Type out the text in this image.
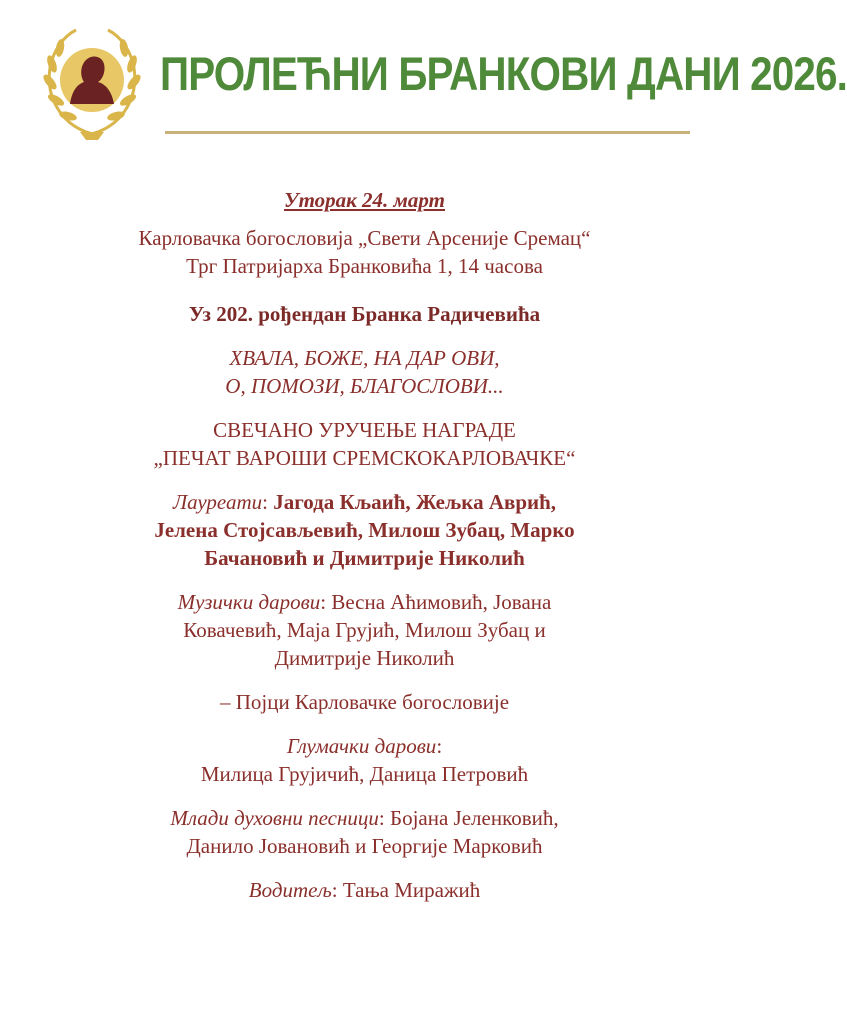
ПРОЛЕЋНИ БРАНКОВИ ДАНИ 2026.

Уторак 24. март

Карловачка богословија „Свети Арсеније Сремац“

Трг Патријарха Бранковића 1, 14 часова

Уз 202. рођендан Бранка Радичевића

ХВАЛА, БОЖЕ, НА ДАР ОВИ,

О, ПОМОЗИ, БЛАГОСЛОВИ...

СВЕЧАНО УРУЧЕЊЕ НАГРАДЕ

„ПЕЧАТ ВАРОШИ СРЕМСКОКАРЛОВАЧКЕ“

Лауреати: Јагода Кљаић, Жељка Аврић,

Јелена Стојсављевић, Милош Зубац, Марко

Бачановић и Димитрије Николић

Музички дарови: Весна Аћимовић, Јована

Ковачевић, Маја Грујић, Милош Зубац и

Димитрије Николић

– Појци Карловачке богословије

Глумачки дарови:

Милица Грујичић, Даница Петровић

Млади духовни песници: Бојана Јеленковић,

Данило Јовановић и Георгије Марковић

Водитељ: Тања Миражић
